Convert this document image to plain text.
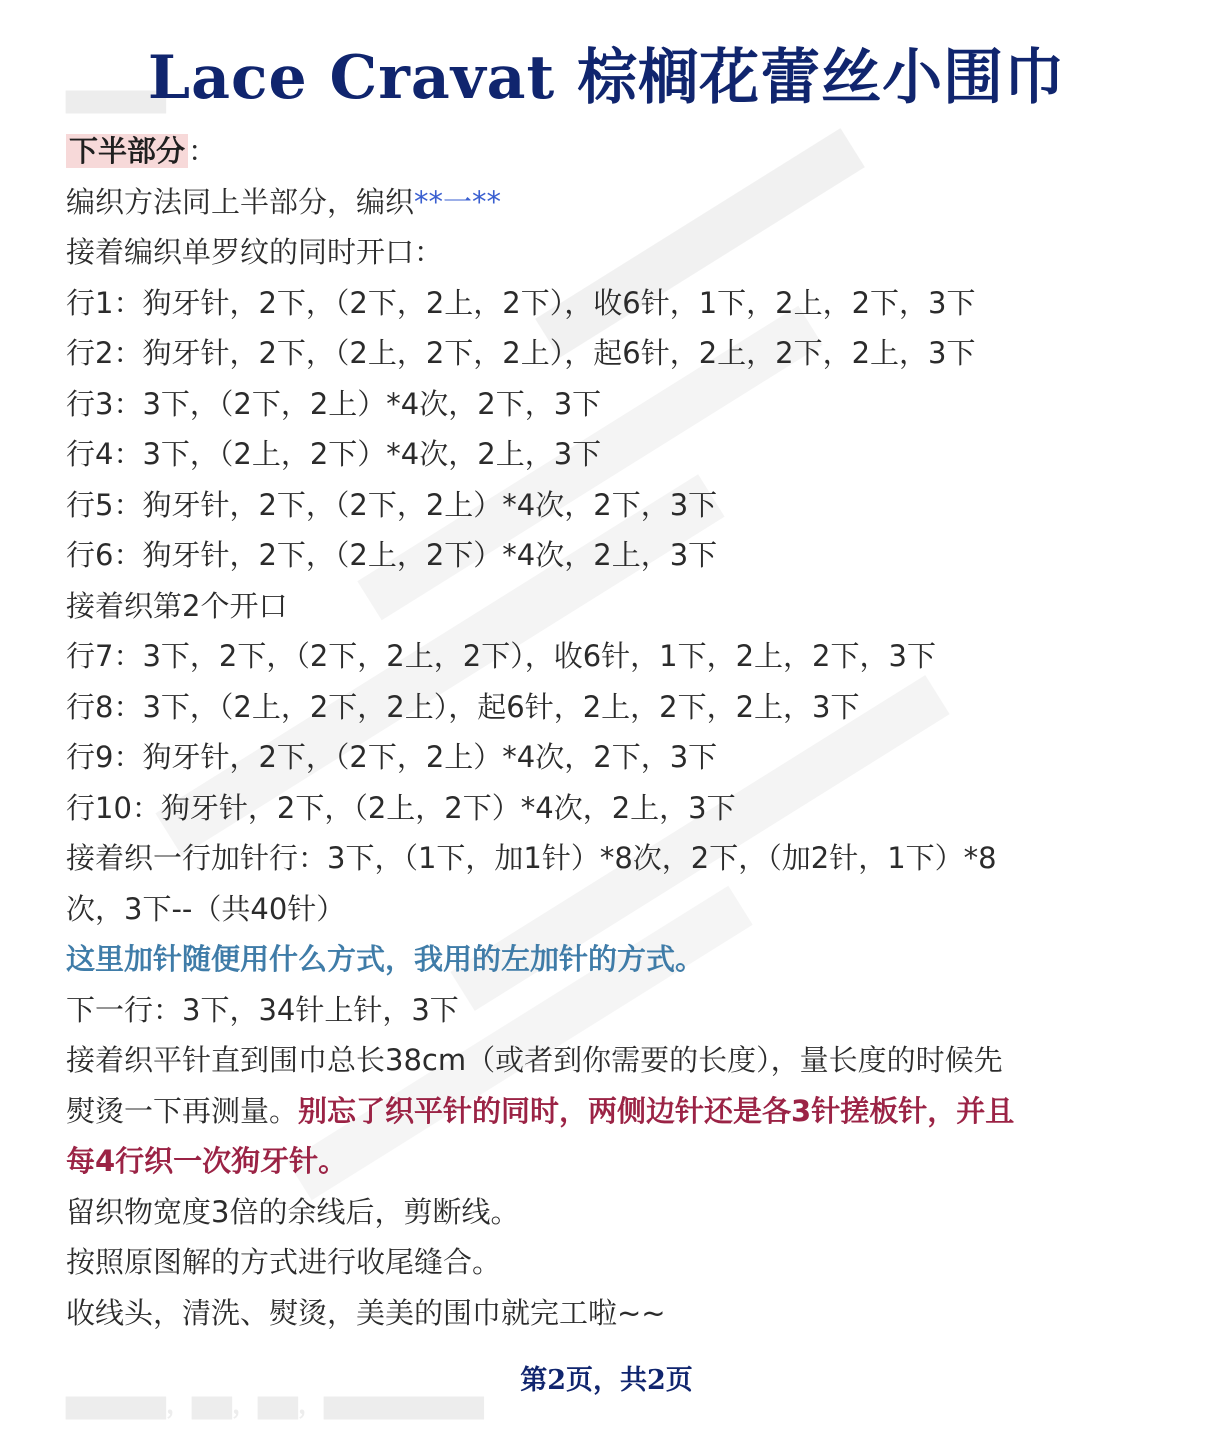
▆▆▆▆▆
▆▆▆▆▆，▆▆，▆▆，▆▆▆▆▆▆▆▆
Lace Cravat 棕榈花蕾丝小围巾
下半部分 ：
编织方法同上半部分，编织**一**
接着编织单罗纹的同时开口：
行1：狗牙针，2下，（2下，2上，2下），收6针，1下，2上，2下，3下
行2：狗牙针，2下，（2上，2下，2上），起6针，2上，2下，2上，3下
行3：3下，（2下，2上）*4次，2下，3下
行4：3下，（2上，2下）*4次，2上，3下
行5：狗牙针，2下，（2下，2上）*4次，2下，3下
行6：狗牙针，2下，（2上，2下）*4次，2上，3下
接着织第2个开口
行7：3下，2下，（2下，2上，2下），收6针，1下，2上，2下，3下
行8：3下，（2上，2下，2上），起6针，2上，2下，2上，3下
行9：狗牙针，2下，（2下，2上）*4次，2下，3下
行10：狗牙针，2下，（2上，2下）*4次，2上，3下
接着织一行加针行：3下，（1下，加1针）*8次，2下，（加2针，1下）*8
次，3下--（共40针）
这里加针随便用什么方式，我用的左加针的方式。
下一行：3下，34针上针，3下
接着织平针直到围巾总长38cm（或者到你需要的长度），量长度的时候先
熨烫一下再测量。别忘了织平针的同时，两侧边针还是各3针搓板针，并且
每4行织一次狗牙针。
留织物宽度3倍的余线后，剪断线。
按照原图解的方式进行收尾缝合。
收线头，清洗、熨烫，美美的围巾就完工啦~~
第2页，共2页
